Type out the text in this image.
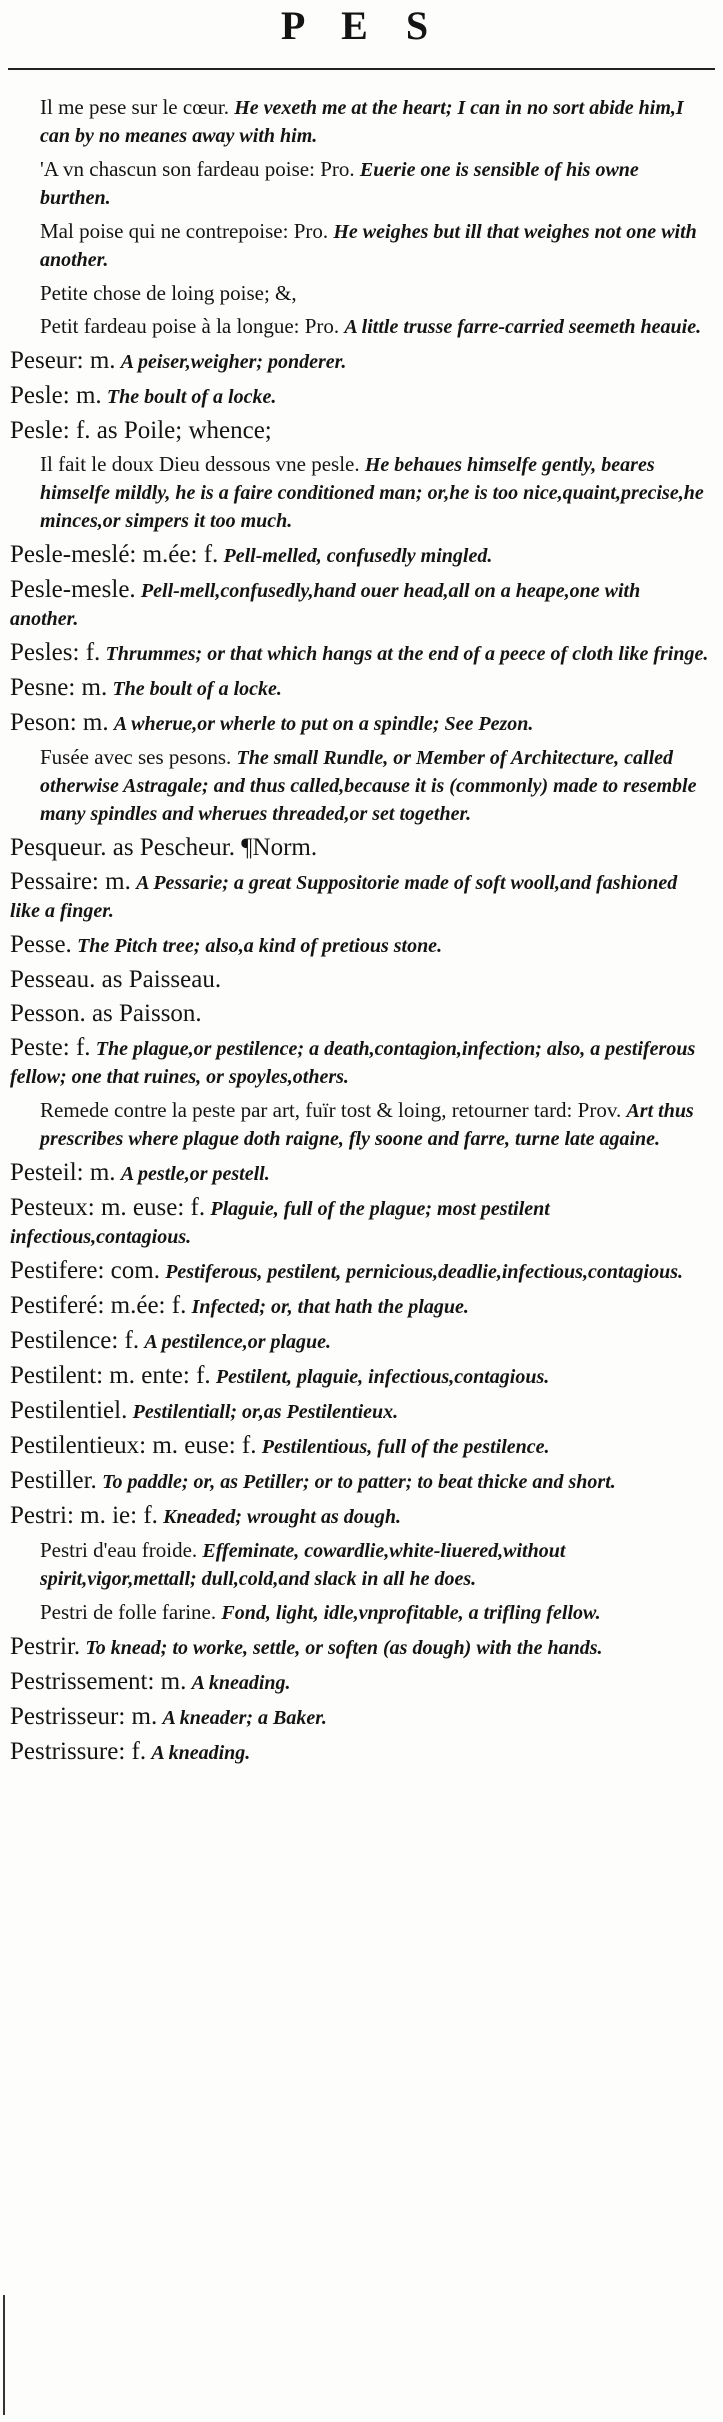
P E S
Il me pese sur le cœur. He vexeth me at the heart; I can in no sort abide him,I can by no meanes away with him.
'A vn chascun son fardeau poise: Pro. Euerie one is sensible of his owne burthen.
Mal poise qui ne contrepoise: Pro. He weighes but ill that weighes not one with another.
Petite chose de loing poise; &,
Petit fardeau poise à la longue: Pro. A little trusse farre-carried seemeth heauie.
Peseur: m. A peiser,weigher; ponderer.
Pesle: m. The boult of a locke.
Pesle: f. as Poile; whence;
Il fait le doux Dieu dessous vne pesle. He behaues himselfe gently, beares himselfe mildly, he is a faire conditioned man; or,he is too nice,quaint,precise,he minces,or simpers it too much.
Pesle-meslé: m.ée: f. Pell-melled, confusedly mingled.
Pesle-mesle. Pell-mell,confusedly,hand ouer head,all on a heape,one with another.
Pesles: f. Thrummes; or that which hangs at the end of a peece of cloth like fringe.
Pesne: m. The boult of a locke.
Peson: m. A wherue,or wherle to put on a spindle; See Pezon.
Fusée avec ses pesons. The small Rundle, or Member of Architecture, called otherwise Astragale; and thus called,because it is (commonly) made to resemble many spindles and wherues threaded,or set together.
Pesqueur. as Pescheur. ¶Norm.
Pessaire: m. A Pessarie; a great Suppositorie made of soft wooll,and fashioned like a finger.
Pesse. The Pitch tree; also,a kind of pretious stone.
Pesseau. as Paisseau.
Pesson. as Paisson.
Peste: f. The plague,or pestilence; a death,contagion,infection; also, a pestiferous fellow; one that ruines, or spoyles,others.
Remede contre la peste par art, fuïr tost & loing, retourner tard: Prov. Art thus prescribes where plague doth raigne, fly soone and farre, turne late againe.
Pesteil: m. A pestle,or pestell.
Pesteux: m. euse: f. Plaguie, full of the plague; most pestilent infectious,contagious.
Pestifere: com. Pestiferous, pestilent, pernicious,deadlie,infectious,contagious.
Pestiferé: m.ée: f. Infected; or, that hath the plague.
Pestilence: f. A pestilence,or plague.
Pestilent: m. ente: f. Pestilent, plaguie, infectious,contagious.
Pestilentiel. Pestilentiall; or,as Pestilentieux.
Pestilentieux: m. euse: f. Pestilentious, full of the pestilence.
Pestiller. To paddle; or, as Petiller; or to patter; to beat thicke and short.
Pestri: m. ie: f. Kneaded; wrought as dough.
Pestri d'eau froide. Effeminate, cowardlie,white-liuered,without spirit,vigor,mettall; dull,cold,and slack in all he does.
Pestri de folle farine. Fond, light, idle,vnprofitable, a trifling fellow.
Pestrir. To knead; to worke, settle, or soften (as dough) with the hands.
Pestrissement: m. A kneading.
Pestrisseur: m. A kneader; a Baker.
Pestrissure: f. A kneading.
